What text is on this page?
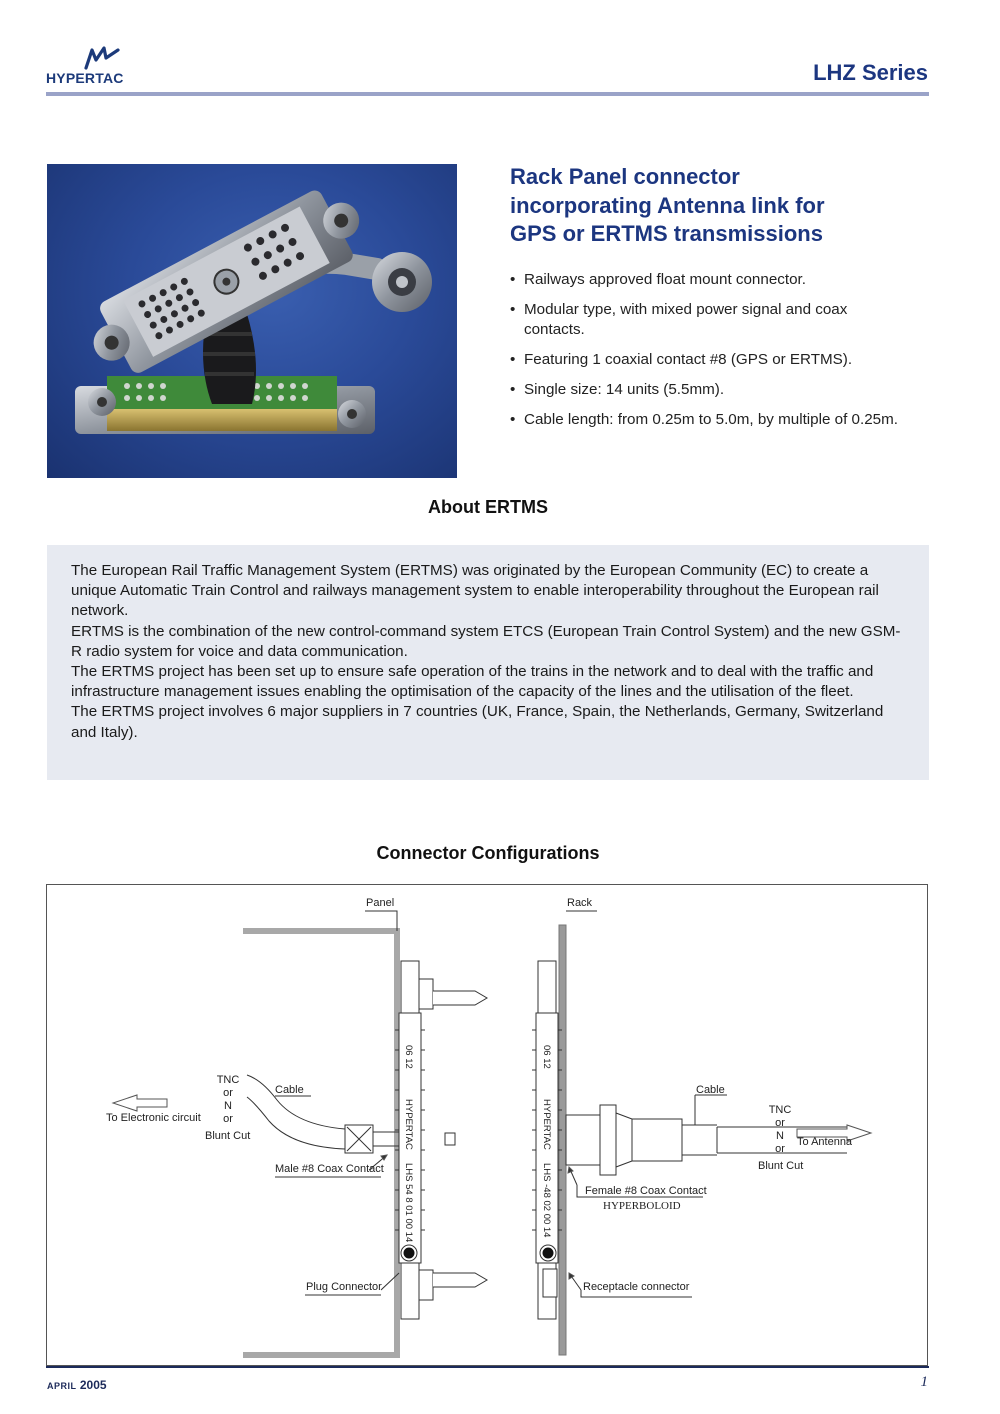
HYPERTAC	LHZ Series
Rack Panel connector
incorporating Antenna link for
GPS or ERTMS transmissions
• Railways approved float mount connector.
• Modular type, with mixed power signal and coax contacts.
• Featuring 1 coaxial contact #8 (GPS or ERTMS).
• Single size: 14 units (5.5mm).
• Cable length: from 0.25m to 5.0m, by multiple of 0.25m.
About ERTMS

The European Rail Traffic Management System (ERTMS) was originated by the European Community (EC) to create a unique Automatic Train Control and railways management system to enable interoperability throughout the European rail network.

ERTMS is the combination of the new control-command system ETCS (European Train Control System) and the new GSM-R radio system for voice and data communication.

The ERTMS project has been set up to ensure safe operation of the trains in the network and to deal with the traffic and infrastructure management issues enabling the optimisation of the capacity of the lines and the utilisation of the fleet.

The ERTMS project involves 6 major suppliers in 7 countries (UK, France, Spain, the Netherlands, Germany, Switzerland and Italy).

Connector Configurations
Panel	Rack
TNC
or
N
or
Blunt Cut
Cable
To Electronic circuit
Male #8 Coax Contact
Plug Connector
Cable
TNC
or
N
or
Blunt Cut
To Antenna
Female #8 Coax Contact
HYPERBOLOID
Receptacle connector
06 12
HYPERTAC
LHS 54 8 01 00 14
06 12
HYPERTAC
LHS -48 02 00 14
APRIL 2005	1
